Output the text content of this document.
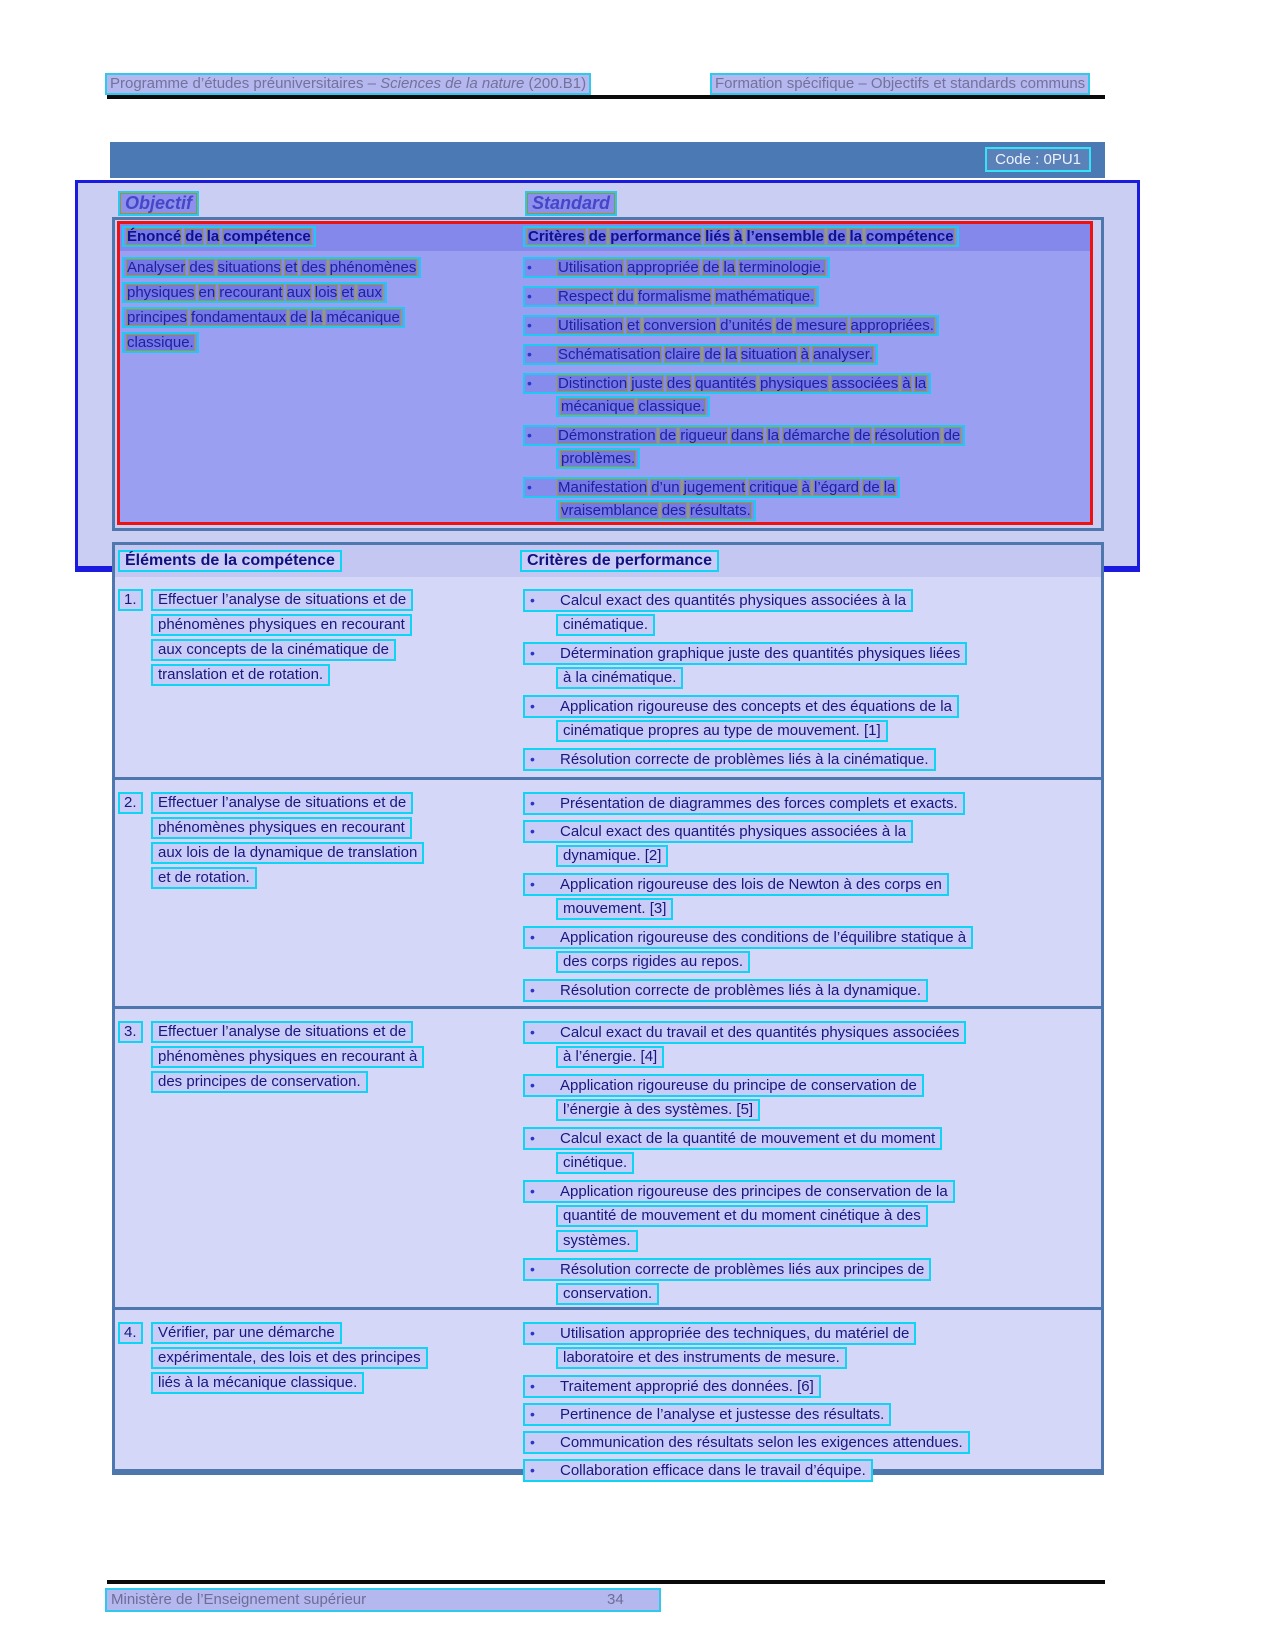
Programme d’études préuniversitaires – Sciences de la nature (200.B1)	Formation spécifique – Objectifs et standards communs
Code : 0PU1
Objectif	Standard
Énoncé de la compétence	Critères de performance liés à l’ensemble de la compétence
Analyser des situations et des phénomènes
physiques en recourant aux lois et aux
principes fondamentaux de la mécanique
classique.
• Utilisation appropriée de la terminologie.
• Respect du formalisme mathématique.
• Utilisation et conversion d’unités de mesure appropriées.
• Schématisation claire de la situation à analyser.
• Distinction juste des quantités physiques associées à la
mécanique classique.
• Démonstration de rigueur dans la démarche de résolution de
problèmes.
• Manifestation d’un jugement critique à l’égard de la
vraisemblance des résultats.
Éléments de la compétence	Critères de performance
1.	Effectuer l’analyse de situations et de
phénomènes physiques en recourant
aux concepts de la cinématique de
translation et de rotation.
• Calcul exact des quantités physiques associées à la
cinématique.
• Détermination graphique juste des quantités physiques liées
à la cinématique.
• Application rigoureuse des concepts et des équations de la
cinématique propres au type de mouvement. [1]
• Résolution correcte de problèmes liés à la cinématique.
2.	Effectuer l’analyse de situations et de
phénomènes physiques en recourant
aux lois de la dynamique de translation
et de rotation.
• Présentation de diagrammes des forces complets et exacts.
• Calcul exact des quantités physiques associées à la
dynamique. [2]
• Application rigoureuse des lois de Newton à des corps en
mouvement. [3]
• Application rigoureuse des conditions de l’équilibre statique à
des corps rigides au repos.
• Résolution correcte de problèmes liés à la dynamique.
3.	Effectuer l’analyse de situations et de
phénomènes physiques en recourant à
des principes de conservation.
• Calcul exact du travail et des quantités physiques associées
à l’énergie. [4]
• Application rigoureuse du principe de conservation de
l’énergie à des systèmes. [5]
• Calcul exact de la quantité de mouvement et du moment
cinétique.
• Application rigoureuse des principes de conservation de la
quantité de mouvement et du moment cinétique à des
systèmes.
• Résolution correcte de problèmes liés aux principes de
conservation.
4.	Vérifier, par une démarche
expérimentale, des lois et des principes
liés à la mécanique classique.
• Utilisation appropriée des techniques, du matériel de
laboratoire et des instruments de mesure.
• Traitement approprié des données. [6]
• Pertinence de l’analyse et justesse des résultats.
• Communication des résultats selon les exigences attendues.
• Collaboration efficace dans le travail d’équipe.
Ministère de l’Enseignement supérieur	34
